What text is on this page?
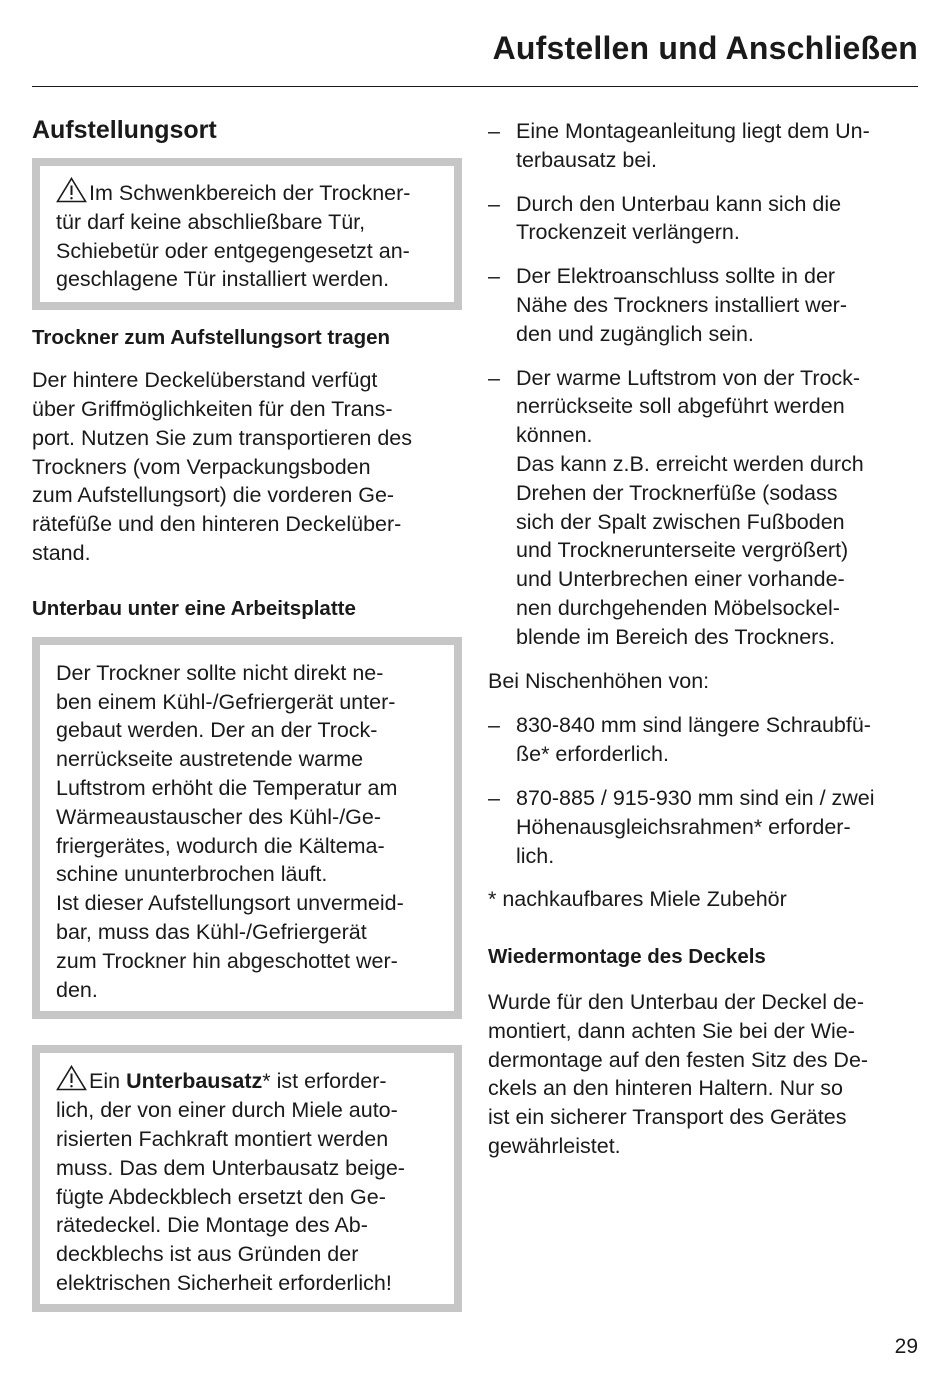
Aufstellen und Anschließen
Aufstellungsort
Im Schwenkbereich der Trockner-
tür darf keine abschließbare Tür,
Schiebetür oder entgegengesetzt an-
geschlagene Tür installiert werden.
Trockner zum Aufstellungsort tragen
Der hintere Deckelüberstand verfügt
über Griffmöglichkeiten für den Trans-
port. Nutzen Sie zum transportieren des
Trockners (vom Verpackungsboden
zum Aufstellungsort) die vorderen Ge-
rätefüße und den hinteren Deckelüber-
stand.
Unterbau unter eine Arbeitsplatte
Der Trockner sollte nicht direkt ne-
ben einem Kühl-/Gefriergerät unter-
gebaut werden. Der an der Trock-
nerrückseite austretende warme
Luftstrom erhöht die Temperatur am
Wärmeaustauscher des Kühl-/Ge-
friergerätes, wodurch die Kältema-
schine ununterbrochen läuft.
Ist dieser Aufstellungsort unvermeid-
bar, muss das Kühl-/Gefriergerät
zum Trockner hin abgeschottet wer-
den.
Ein Unterbausatz* ist erforder-
lich, der von einer durch Miele auto-
risierten Fachkraft montiert werden
muss. Das dem Unterbausatz beige-
fügte Abdeckblech ersetzt den Ge-
rätedeckel. Die Montage des Ab-
deckblechs ist aus Gründen der
elektrischen Sicherheit erforderlich!
– Eine Montageanleitung liegt dem Un-
terbausatz bei.
– Durch den Unterbau kann sich die
Trockenzeit verlängern.
– Der Elektroanschluss sollte in der
Nähe des Trockners installiert wer-
den und zugänglich sein.
– Der warme Luftstrom von der Trock-
nerrückseite soll abgeführt werden
können.
Das kann z.B. erreicht werden durch
Drehen der Trocknerfüße (sodass
sich der Spalt zwischen Fußboden
und Trocknerunterseite vergrößert)
und Unterbrechen einer vorhande-
nen durchgehenden Möbelsockel-
blende im Bereich des Trockners.
Bei Nischenhöhen von:
– 830-840 mm sind längere Schraubfü-
ße* erforderlich.
– 870-885 / 915-930 mm sind ein / zwei
Höhenausgleichsrahmen* erforder-
lich.
* nachkaufbares Miele Zubehör
Wiedermontage des Deckels
Wurde für den Unterbau der Deckel de-
montiert, dann achten Sie bei der Wie-
dermontage auf den festen Sitz des De-
ckels an den hinteren Haltern. Nur so
ist ein sicherer Transport des Gerätes
gewährleistet.
29
